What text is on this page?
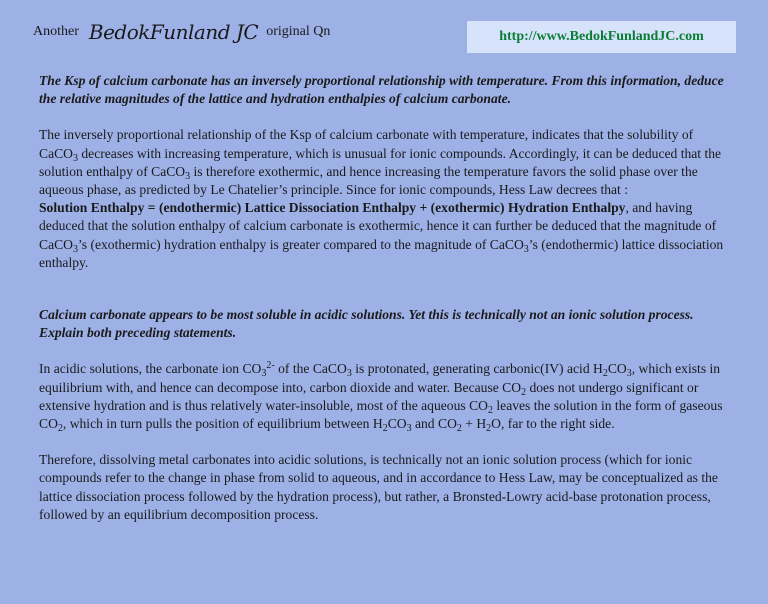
Another BedokFunland JC original Qn	http://www.BedokFunlandJC.com

The Ksp of calcium carbonate has an inversely proportional relationship with temperature. From this information, deduce the relative magnitudes of the lattice and hydration enthalpies of calcium carbonate.

The inversely proportional relationship of the Ksp of calcium carbonate with temperature, indicates that the solubility of CaCO$_3$ decreases with increasing temperature, which is unusual for ionic compounds. Accordingly, it can be deduced that the solution enthalpy of CaCO$_3$ is therefore exothermic, and hence increasing the temperature favors the solid phase over the aqueous phase, as predicted by Le Chatelier’s principle. Since for ionic compounds, Hess Law decrees that :
Solution Enthalpy = (endothermic) Lattice Dissociation Enthalpy + (exothermic) Hydration Enthalpy, and having deduced that the solution enthalpy of calcium carbonate is exothermic, hence it can further be deduced that the magnitude of CaCO$_3$’s (exothermic) hydration enthalpy is greater compared to the magnitude of CaCO$_3$’s (endothermic) lattice dissociation enthalpy.

Calcium carbonate appears to be most soluble in acidic solutions. Yet this is technically not an ionic solution process. Explain both preceding statements.

In acidic solutions, the carbonate ion $CO_3^{2-}$ of the CaCO$_3$ is protonated, generating carbonic(IV) acid $H_2CO_3$, which exists in equilibrium with, and hence can decompose into, carbon dioxide and water. Because $CO_2$ does not undergo significant or extensive hydration and is thus relatively water-insoluble, most of the aqueous $CO_2$ leaves the solution in the form of gaseous $CO_2$, which in turn pulls the position of equilibrium between $H_2CO_3$ and $CO_2 + H_2O$, far to the right side.

Therefore, dissolving metal carbonates into acidic solutions, is technically not an ionic solution process (which for ionic compounds refer to the change in phase from solid to aqueous, and in accordance to Hess Law, may be conceptualized as the lattice dissociation process followed by the hydration process), but rather, a Bronsted-Lowry acid-base protonation process, followed by an equilibrium decomposition process.
